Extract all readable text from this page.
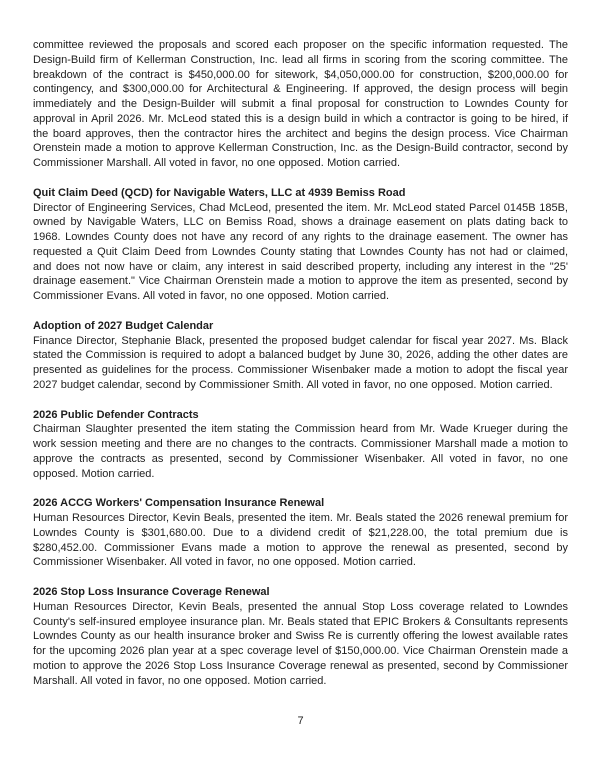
committee reviewed the proposals and scored each proposer on the specific information requested. The Design-Build firm of Kellerman Construction, Inc. lead all firms in scoring from the scoring committee. The breakdown of the contract is $450,000.00 for sitework, $4,050,000.00 for construction, $200,000.00 for contingency, and $300,000.00 for Architectural & Engineering. If approved, the design process will begin immediately and the Design-Builder will submit a final proposal for construction to Lowndes County for approval in April 2026. Mr. McLeod stated this is a design build in which a contractor is going to be hired, if the board approves, then the contractor hires the architect and begins the design process. Vice Chairman Orenstein made a motion to approve Kellerman Construction, Inc. as the Design-Build contractor, second by Commissioner Marshall. All voted in favor, no one opposed. Motion carried.

Quit Claim Deed (QCD) for Navigable Waters, LLC at 4939 Bemiss Road

Director of Engineering Services, Chad McLeod, presented the item. Mr. McLeod stated Parcel 0145B 185B, owned by Navigable Waters, LLC on Bemiss Road, shows a drainage easement on plats dating back to 1968. Lowndes County does not have any record of any rights to the drainage easement. The owner has requested a Quit Claim Deed from Lowndes County stating that Lowndes County has not had or claimed, and does not now have or claim, any interest in said described property, including any interest in the "25' drainage easement." Vice Chairman Orenstein made a motion to approve the item as presented, second by Commissioner Evans. All voted in favor, no one opposed. Motion carried.

Adoption of 2027 Budget Calendar

Finance Director, Stephanie Black, presented the proposed budget calendar for fiscal year 2027. Ms. Black stated the Commission is required to adopt a balanced budget by June 30, 2026, adding the other dates are presented as guidelines for the process. Commissioner Wisenbaker made a motion to adopt the fiscal year 2027 budget calendar, second by Commissioner Smith. All voted in favor, no one opposed. Motion carried.

2026 Public Defender Contracts

Chairman Slaughter presented the item stating the Commission heard from Mr. Wade Krueger during the work session meeting and there are no changes to the contracts. Commissioner Marshall made a motion to approve the contracts as presented, second by Commissioner Wisenbaker. All voted in favor, no one opposed. Motion carried.

2026 ACCG Workers' Compensation Insurance Renewal

Human Resources Director, Kevin Beals, presented the item. Mr. Beals stated the 2026 renewal premium for Lowndes County is $301,680.00. Due to a dividend credit of $21,228.00, the total premium due is $280,452.00. Commissioner Evans made a motion to approve the renewal as presented, second by Commissioner Wisenbaker. All voted in favor, no one opposed. Motion carried.

2026 Stop Loss Insurance Coverage Renewal

Human Resources Director, Kevin Beals, presented the annual Stop Loss coverage related to Lowndes County's self-insured employee insurance plan. Mr. Beals stated that EPIC Brokers & Consultants represents Lowndes County as our health insurance broker and Swiss Re is currently offering the lowest available rates for the upcoming 2026 plan year at a spec coverage level of $150,000.00. Vice Chairman Orenstein made a motion to approve the 2026 Stop Loss Insurance Coverage renewal as presented, second by Commissioner Marshall. All voted in favor, no one opposed. Motion carried.

7
